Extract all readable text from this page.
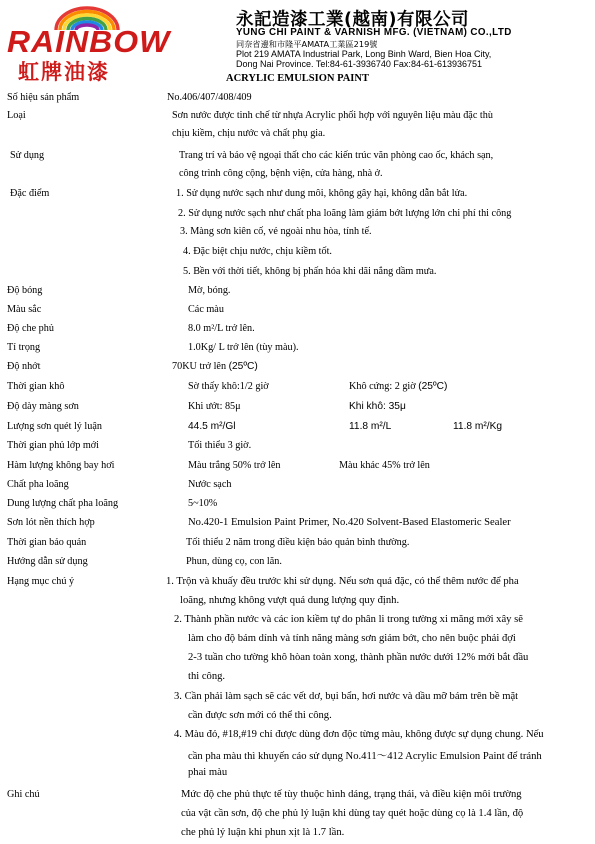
RAINBOW
虹牌油漆
永記造漆工業(越南)有限公司
YUNG CHI PAINT & VARNISH MFG. (VIETNAM) CO.,LTD
同奈省邊和市隆平AMATA工業區219號
Plot 219 AMATA Industrial Park, Long Binh Ward, Bien Hoa City,
Dong Nai Province. Tel:84-61-3936740 Fax:84-61-613936751
ACRYLIC EMULSION PAINT
Số hiệu sản phẩm	No.406/407/408/409
Loại	Sơn nước được tinh chế từ nhựa Acrylic phối hợp với nguyên liệu màu đặc thù
chịu kiềm, chịu nước và chất phụ gia.
Sử dụng	Trang trí và bảo vệ ngoại thất cho các kiến trúc văn phòng cao ốc, khách sạn,
công trình công cộng, bệnh viện, cửa hàng, nhà ở.
Đặc điểm	1. Sử dụng nước sạch như dung môi, không gây hại, không dẫn bắt lửa.
2. Sử dụng nước sạch như chất pha loãng làm giảm bớt lượng lớn chi phí thi công
3. Màng sơn kiên cố, vẻ ngoài nhu hòa, tính tế.
4. Đặc biệt chịu nước, chịu kiềm tốt.
5. Bền với thời tiết, không bị phấn hóa khi dãi nắng dầm mưa.
Độ bóng	Mờ, bóng.
Màu sắc	Các màu
Độ che phủ	8.0 m²/L trở lên.
Tỉ trọng	1.0Kg/ L trở lên (tùy màu).
Độ nhớt	70KU trở lên (25ºC)
Thời gian khô	Sờ thấy khô:1/2 giờ	Khô cứng: 2 giờ (25ºC)
Độ dày màng sơn	Khi ướt: 85μ	Khi khô: 35μ
Lượng sơn quét lý luận	44.5 m²/Gl	11.8 m²/L	11.8 m²/Kg
Thời gian phủ lớp mới	Tối thiểu 3 giờ.
Hàm lượng không bay hơi	Màu trắng 50% trở lên	Màu khác 45% trở lên
Chất pha loãng	Nước sạch
Dung lượng chất pha loãng	5~10%
Sơn lót nền thích hợp	No.420-1 Emulsion Paint Primer, No.420 Solvent-Based Elastomeric Sealer
Thời gian bảo quản	Tối thiểu 2 năm trong điều kiện bảo quản bình thường.
Hướng dẫn sử dụng	Phun, dùng cọ, con lăn.
Hạng mục chú ý	1. Trộn và khuấy đều trước khi sử dụng. Nếu sơn quá đặc, có thể thêm nước để pha
loãng, nhưng không vượt quá dung lượng quy định.
2. Thành phần nước và các ion kiềm tự do phân li trong tường xi măng mới xây sẽ
làm cho độ bám dính và tính năng màng sơn giảm bớt, cho nên buộc phải đợi
2-3 tuần cho tường khô hòan toàn xong, thành phần nước dưới 12% mới bắt đầu
thi công.
3. Cần phải làm sạch sẽ các vết dơ, bụi bẩn, hơi nước và dầu mỡ bám trên bề mặt
cần được sơn mới có thể thi công.
4. Màu đỏ, #18,#19 chỉ được dùng đơn độc từng màu, không được sự dụng chung. Nếu
cần pha màu thì khuyến cáo sử dụng No.411～412 Acrylic Emulsion Paint để tránh
phai màu
Ghi chú	Mức độ che phủ thực tế tùy thuộc hình dáng, trạng thái, và điều kiện môi trường
của vật cần sơn, độ che phủ lý luận khi dùng tay quét hoặc dùng cọ là 1.4 lần, độ
che phủ lý luận khi phun xịt là 1.7 lần.
